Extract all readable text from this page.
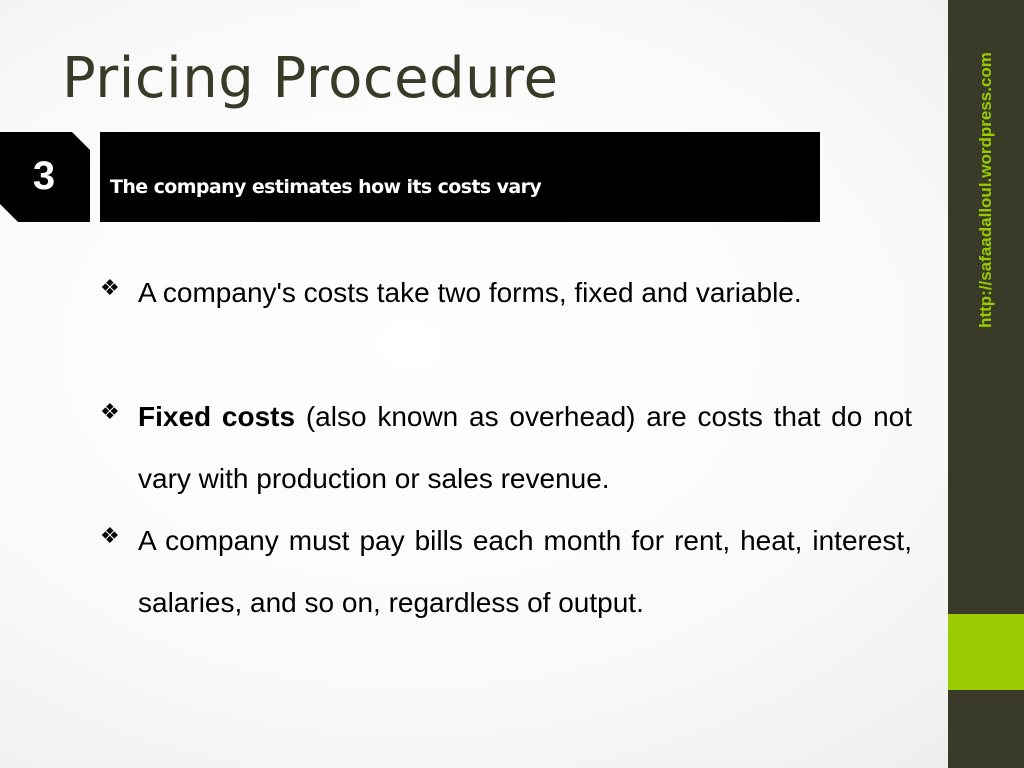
Pricing Procedure
3	The company estimates how its costs vary
❖ A company's costs take two forms, fixed and variable.
❖ Fixed costs (also known as overhead) are costs that do not vary with production or sales revenue.
❖ A company must pay bills each month for rent, heat, interest, salaries, and so on, regardless of output.
http://safaadalloul.wordpress.com
